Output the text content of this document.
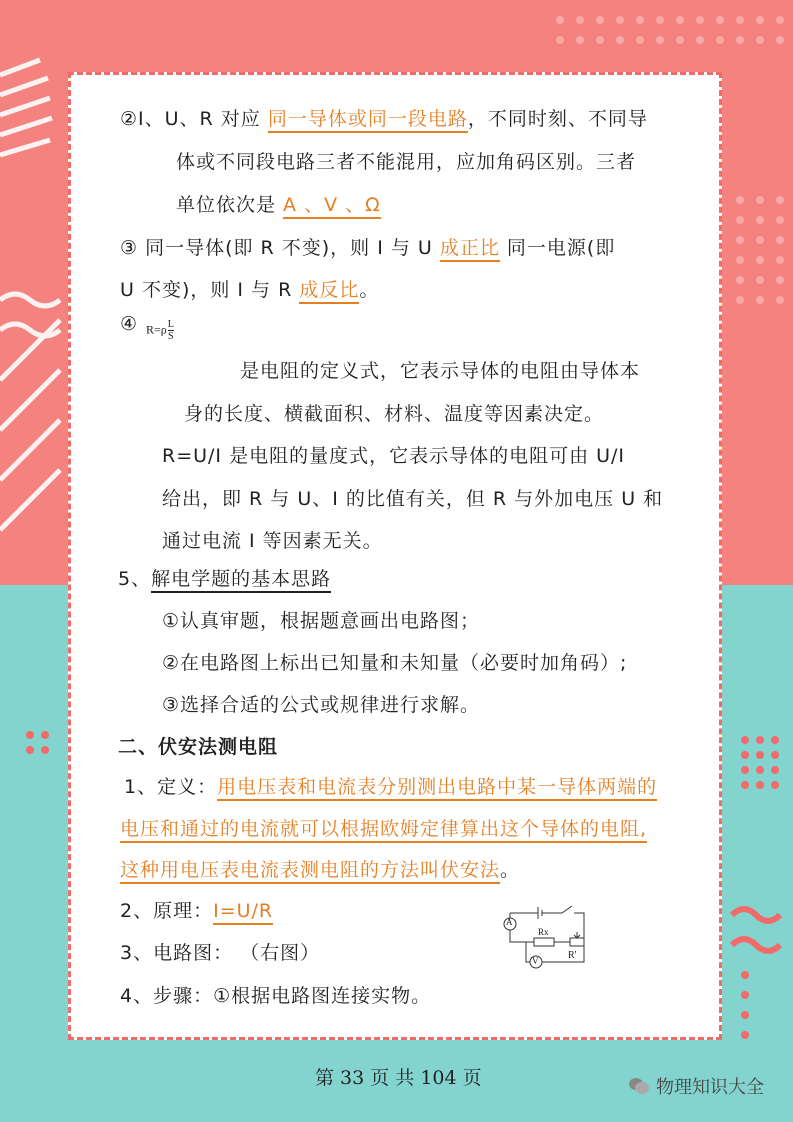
②I、U、R 对应 同一导体或同一段电路，不同时刻、不同导
体或不同段电路三者不能混用，应加角码区别。三者
单位依次是 A 、V 、Ω
③ 同一导体(即 R 不变)，则 I 与 U 成正比 同一电源(即
U 不变)，则 I 与 R 成反比。
④ $R=\rho \frac{L}{S}$
是电阻的定义式，它表示导体的电阻由导体本
身的长度、横截面积、材料、温度等因素决定。
R=U/I 是电阻的量度式，它表示导体的电阻可由 U/I
给出，即 R 与 U、I 的比值有关，但 R 与外加电压 U 和
通过电流 I 等因素无关。
5、解电学题的基本思路
①认真审题，根据题意画出电路图；
②在电路图上标出已知量和未知量（必要时加角码）;
③选择合适的公式或规律进行求解。
二、伏安法测电阻
1、定义：用电压表和电流表分别测出电路中某一导体两端的
电压和通过的电流就可以根据欧姆定律算出这个导体的电阻,
这种用电压表电流表测电阻的方法叫伏安法。
2、原理：I=U/R
3、电路图： （右图）
4、步骤：①根据电路图连接实物。
A
V
Rx
R'
第 33 页 共 104 页	物理知识大全
